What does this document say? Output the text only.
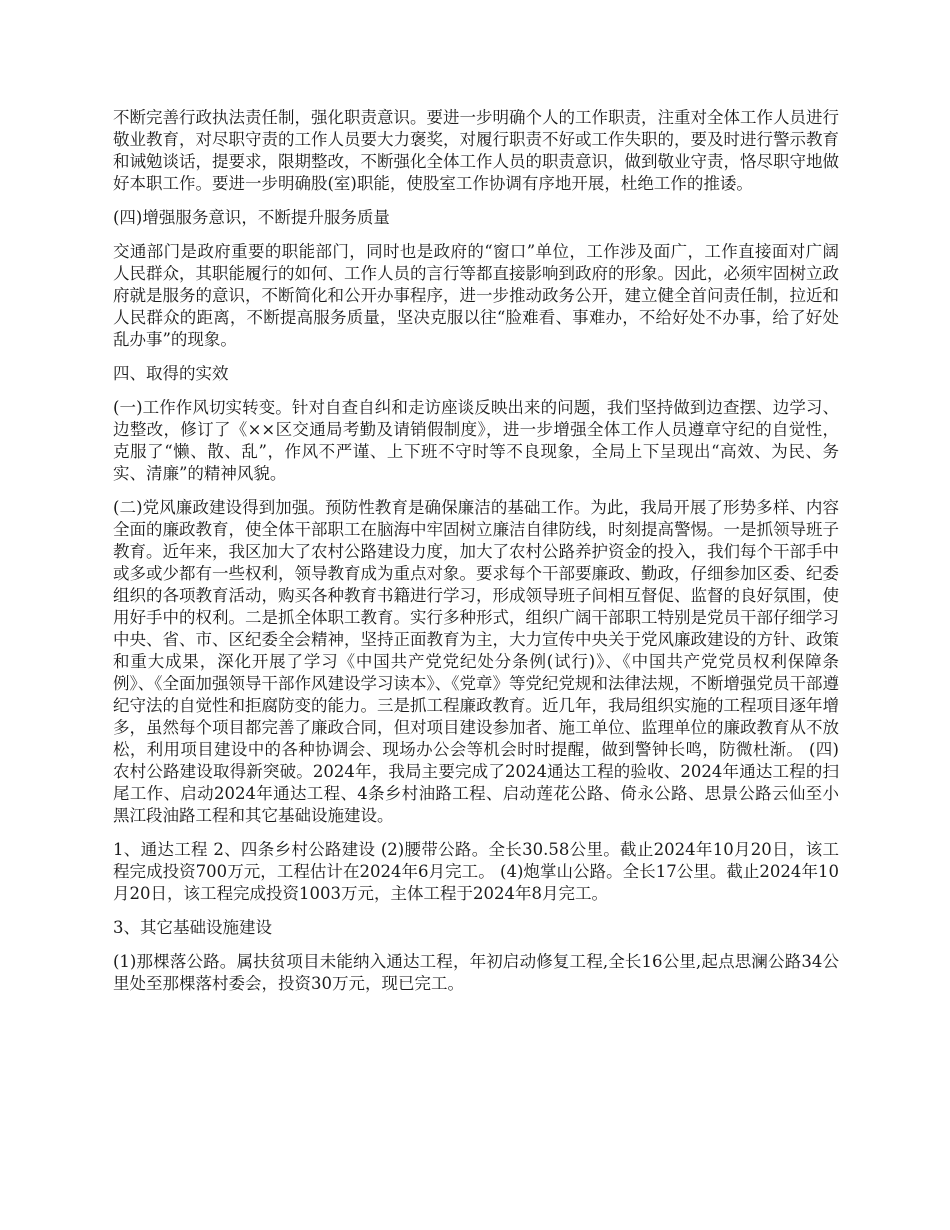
不断完善行政执法责任制，强化职责意识。要进一步明确个人的工作职责，注重对全体工作人员进行敬业教育，对尽职守责的工作人员要大力褒奖，对履行职责不好或工作失职的，要及时进行警示教育和诫勉谈话，提要求，限期整改，不断强化全体工作人员的职责意识，做到敬业守责，恪尽职守地做好本职工作。要进一步明确股(室)职能，使股室工作协调有序地开展，杜绝工作的推诿。

(四)增强服务意识，不断提升服务质量

交通部门是政府重要的职能部门，同时也是政府的“窗口”单位，工作涉及面广，工作直接面对广阔人民群众，其职能履行的如何、工作人员的言行等都直接影响到政府的形象。因此，必须牢固树立政府就是服务的意识，不断简化和公开办事程序，进一步推动政务公开，建立健全首问责任制，拉近和人民群众的距离，不断提高服务质量，坚决克服以往“脸难看、事难办，不给好处不办事，给了好处乱办事”的现象。

四、取得的实效

(一)工作作风切实转变。针对自查自纠和走访座谈反映出来的问题，我们坚持做到边查摆、边学习、边整改，修订了《××区交通局考勤及请销假制度》，进一步增强全体工作人员遵章守纪的自觉性，克服了“懒、散、乱”，作风不严谨、上下班不守时等不良现象，全局上下呈现出“高效、为民、务实、清廉”的精神风貌。

(二)党风廉政建设得到加强。预防性教育是确保廉洁的基础工作。为此，我局开展了形势多样、内容全面的廉政教育，使全体干部职工在脑海中牢固树立廉洁自律防线，时刻提高警惕。一是抓领导班子教育。近年来，我区加大了农村公路建设力度，加大了农村公路养护资金的投入，我们每个干部手中或多或少都有一些权利，领导教育成为重点对象。要求每个干部要廉政、勤政，仔细参加区委、纪委组织的各项教育活动，购买各种教育书籍进行学习，形成领导班子间相互督促、监督的良好氛围，使用好手中的权利。二是抓全体职工教育。实行多种形式，组织广阔干部职工特别是党员干部仔细学习中央、省、市、区纪委全会精神，坚持正面教育为主，大力宣传中央关于党风廉政建设的方针、政策和重大成果，深化开展了学习《中国共产党党纪处分条例(试行)》、《中国共产党党员权利保障条例》、《全面加强领导干部作风建设学习读本》、《党章》等党纪党规和法律法规，不断增强党员干部遵纪守法的自觉性和拒腐防变的能力。三是抓工程廉政教育。近几年，我局组织实施的工程项目逐年增多，虽然每个项目都完善了廉政合同，但对项目建设参加者、施工单位、监理单位的廉政教育从不放松，利用项目建设中的各种协调会、现场办公会等机会时时提醒，做到警钟长鸣，防微杜渐。 (四)农村公路建设取得新突破。2024年，我局主要完成了2024通达工程的验收、2024年通达工程的扫尾工作、启动2024年通达工程、4条乡村油路工程、启动莲花公路、倚永公路、思景公路云仙至小黑江段油路工程和其它基础设施建设。

1、通达工程 2、四条乡村公路建设 (2)腰带公路。全长30.58公里。截止2024年10月20日，该工程完成投资700万元，工程估计在2024年6月完工。 (4)炮掌山公路。全长17公里。截止2024年10月20日，该工程完成投资1003万元，主体工程于2024年8月完工。

3、其它基础设施建设

(1)那棵落公路。属扶贫项目未能纳入通达工程，年初启动修复工程,全长16公里,起点思澜公路34公里处至那棵落村委会，投资30万元，现已完工。
